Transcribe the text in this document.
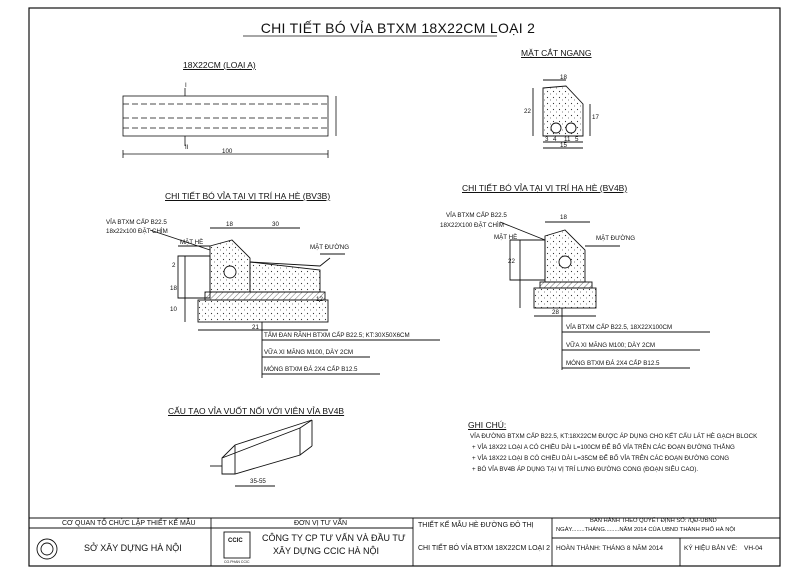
CHI TIẾT BÓ VỈA BTXM 18X22CM LOẠI 2
18X22CM (LOẠI A)
I
II
100
MẶT CẮT NGANG
22
17
3 4 11 5
15
18
CHI TIẾT BÓ VỈA TẠI VỊ TRÍ HẠ HÈ (BV3B)
VỈA BTXM CẤP B22.5
18x22x100 ĐẶT CHÌM
MẶT HÈ
MẶT ĐƯỜNG
18	30
2
18
10
12
21
TẤM ĐAN RÃNH BTXM CẤP B22.5; KT:30X50X6CM
VỮA XI MĂNG M100, DÀY 2CM
MÓNG BTXM ĐÁ 2X4 CẤP B12.5
CHI TIẾT BÓ VỈA TẠI VỊ TRÍ HẠ HÈ (BV4B)
VỈA BTXM CẤP B22.5
18X22X100 ĐẶT CHÌM
MẶT HÈ	MẶT ĐƯỜNG
18
22
28
VỈA BTXM CẤP B22.5, 18X22X100CM
VỮA XI MĂNG M100; DÀY 2CM
MÓNG BTXM ĐÁ 2X4 CẤP B12.5
CẤU TẠO VỈA VUỐT NỐI VỚI VIÊN VỈA BV4B
35-55
GHI CHÚ:
VỈA ĐƯỜNG BTXM CẤP B22.5, KT:18X22CM ĐƯỢC ÁP DỤNG CHO KẾT CẤU LÁT HÈ GẠCH BLOCK
+ VỈA 18X22 LOẠI A CÓ CHIỀU DÀI L=100CM ĐỂ BỐ VỈA TRÊN CÁC ĐOẠN ĐƯỜNG THẲNG
+ VỈA 18X22 LOẠI B CÓ CHIỀU DÀI L=35CM ĐỂ BỐ VỈA TRÊN CÁC ĐOẠN ĐƯỜNG CONG
+ BÓ VỈA BV4B ÁP DỤNG TẠI VỊ TRÍ LƯNG ĐƯỜNG CONG (ĐOẠN SIÊU CAO).
CƠ QUAN TỔ CHỨC LẬP THIẾT KẾ MẪU
SỞ XÂY DỰNG HÀ NỘI
CCIC
CO.PHAN CCIC
ĐƠN VỊ TƯ VẤN
CÔNG TY CP TƯ VẤN VÀ ĐẦU TƯ
XÂY DỰNG CCIC HÀ NỘI
THIẾT KẾ MẪU HÈ ĐƯỜNG ĐÔ THỊ
CHI TIẾT BÓ VỈA BTXM 18X22CM LOẠI 2
BAN HÀNH THEO QUYẾT ĐỊNH SỐ: /QĐ-UBND
NGÀY........THÁNG.........NĂM 2014 CỦA UBND THÀNH PHỐ HÀ NỘI
HOÀN THÀNH: THÁNG 8 NĂM 2014	KÝ HIỆU BẢN VẼ: VH-04
